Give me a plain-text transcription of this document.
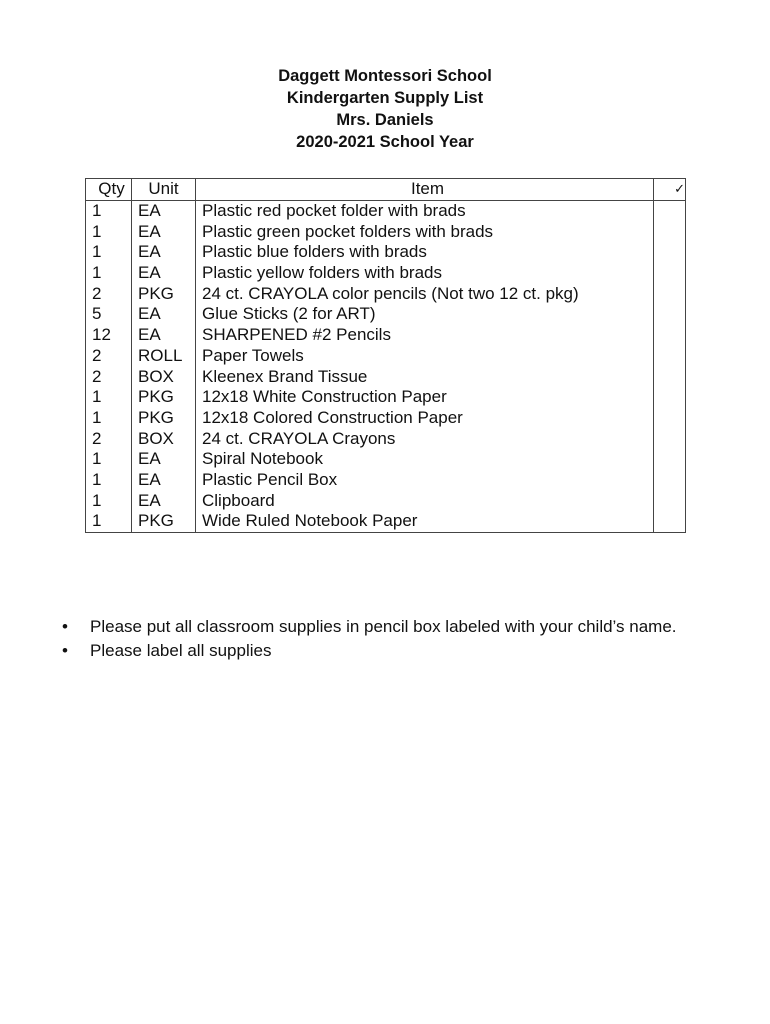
Daggett Montessori School
Kindergarten Supply List
Mrs. Daniels
2020-2021 School Year
Qty	Unit	Item	✓
1	EA	Plastic red pocket folder with brads	
1	EA	Plastic green pocket folders with brads	
1	EA	Plastic blue folders with brads	
1	EA	Plastic yellow folders with brads	
2	PKG	24 ct. CRAYOLA color pencils (Not two 12 ct. pkg)	
5	EA	Glue Sticks (2 for ART)	
12	EA	SHARPENED #2 Pencils	
2	ROLL	Paper Towels	
2	BOX	Kleenex Brand Tissue	
1	PKG	12x18 White Construction Paper	
1	PKG	12x18 Colored Construction Paper	
2	BOX	24 ct. CRAYOLA Crayons	
1	EA	Spiral Notebook	
1	EA	Plastic Pencil Box	
1	EA	Clipboard	
1	PKG	Wide Ruled Notebook Paper	
• Please put all classroom supplies in pencil box labeled with your child’s name.
• Please label all supplies
